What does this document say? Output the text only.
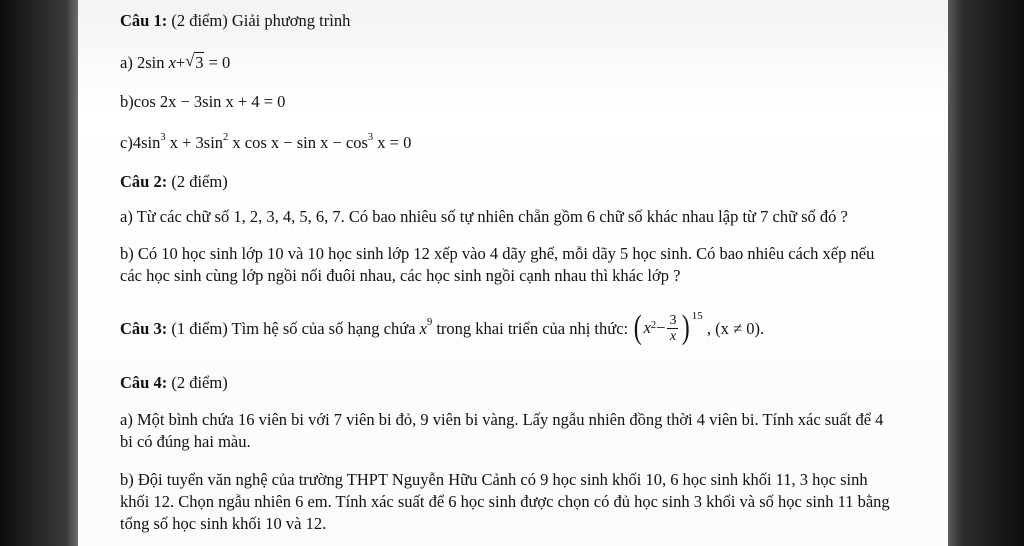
Câu 1: (2 điểm) Giải phương trình
a) 2sin x+√ 3 = 0
b)cos 2x − 3sin x + 4 = 0
$c)4\sin^3$ $x + 3\sin^2$ x $\cos x - \sin x - \cos^3 x = 0$
Câu 2: (2 điểm)
a) Từ các chữ số 1, 2, 3, 4, 5, 6, 7. Có bao nhiêu số tự nhiên chẵn gồm 6 chữ số khác nhau lập từ 7 chữ số đó ?
b) Có 10 học sinh lớp 10 và 10 học sinh lớp 12 xếp vào 4 dãy ghế, mỗi dãy 5 học sinh. Có bao nhiêu cách xếp nếu các học sinh cùng lớp ngồi nối đuôi nhau, các học sinh ngồi cạnh nhau thì khác lớp ?
Câu 3: (1 điểm) Tìm hệ số của số hạng chứa $x^9$ trong khai triển của nhị thức: ( $x^2 - \frac{3}{x}$ ) 15
, (x ≠ 0).
Câu 4: (2 điểm)
a) Một bình chứa 16 viên bi với 7 viên bi đỏ, 9 viên bi vàng. Lấy ngẫu nhiên đồng thời 4 viên bi. Tính xác suất để 4 bi có đúng hai màu.
b) Đội tuyển văn nghệ của trường THPT Nguyễn Hữu Cảnh có 9 học sinh khối 10, 6 học sinh khối 11, 3 học sinh khối 12. Chọn ngẫu nhiên 6 em. Tính xác suất để 6 học sinh được chọn có đủ học sinh 3 khối và số học sinh 11 bằng tổng số học sinh khối 10 và 12.
